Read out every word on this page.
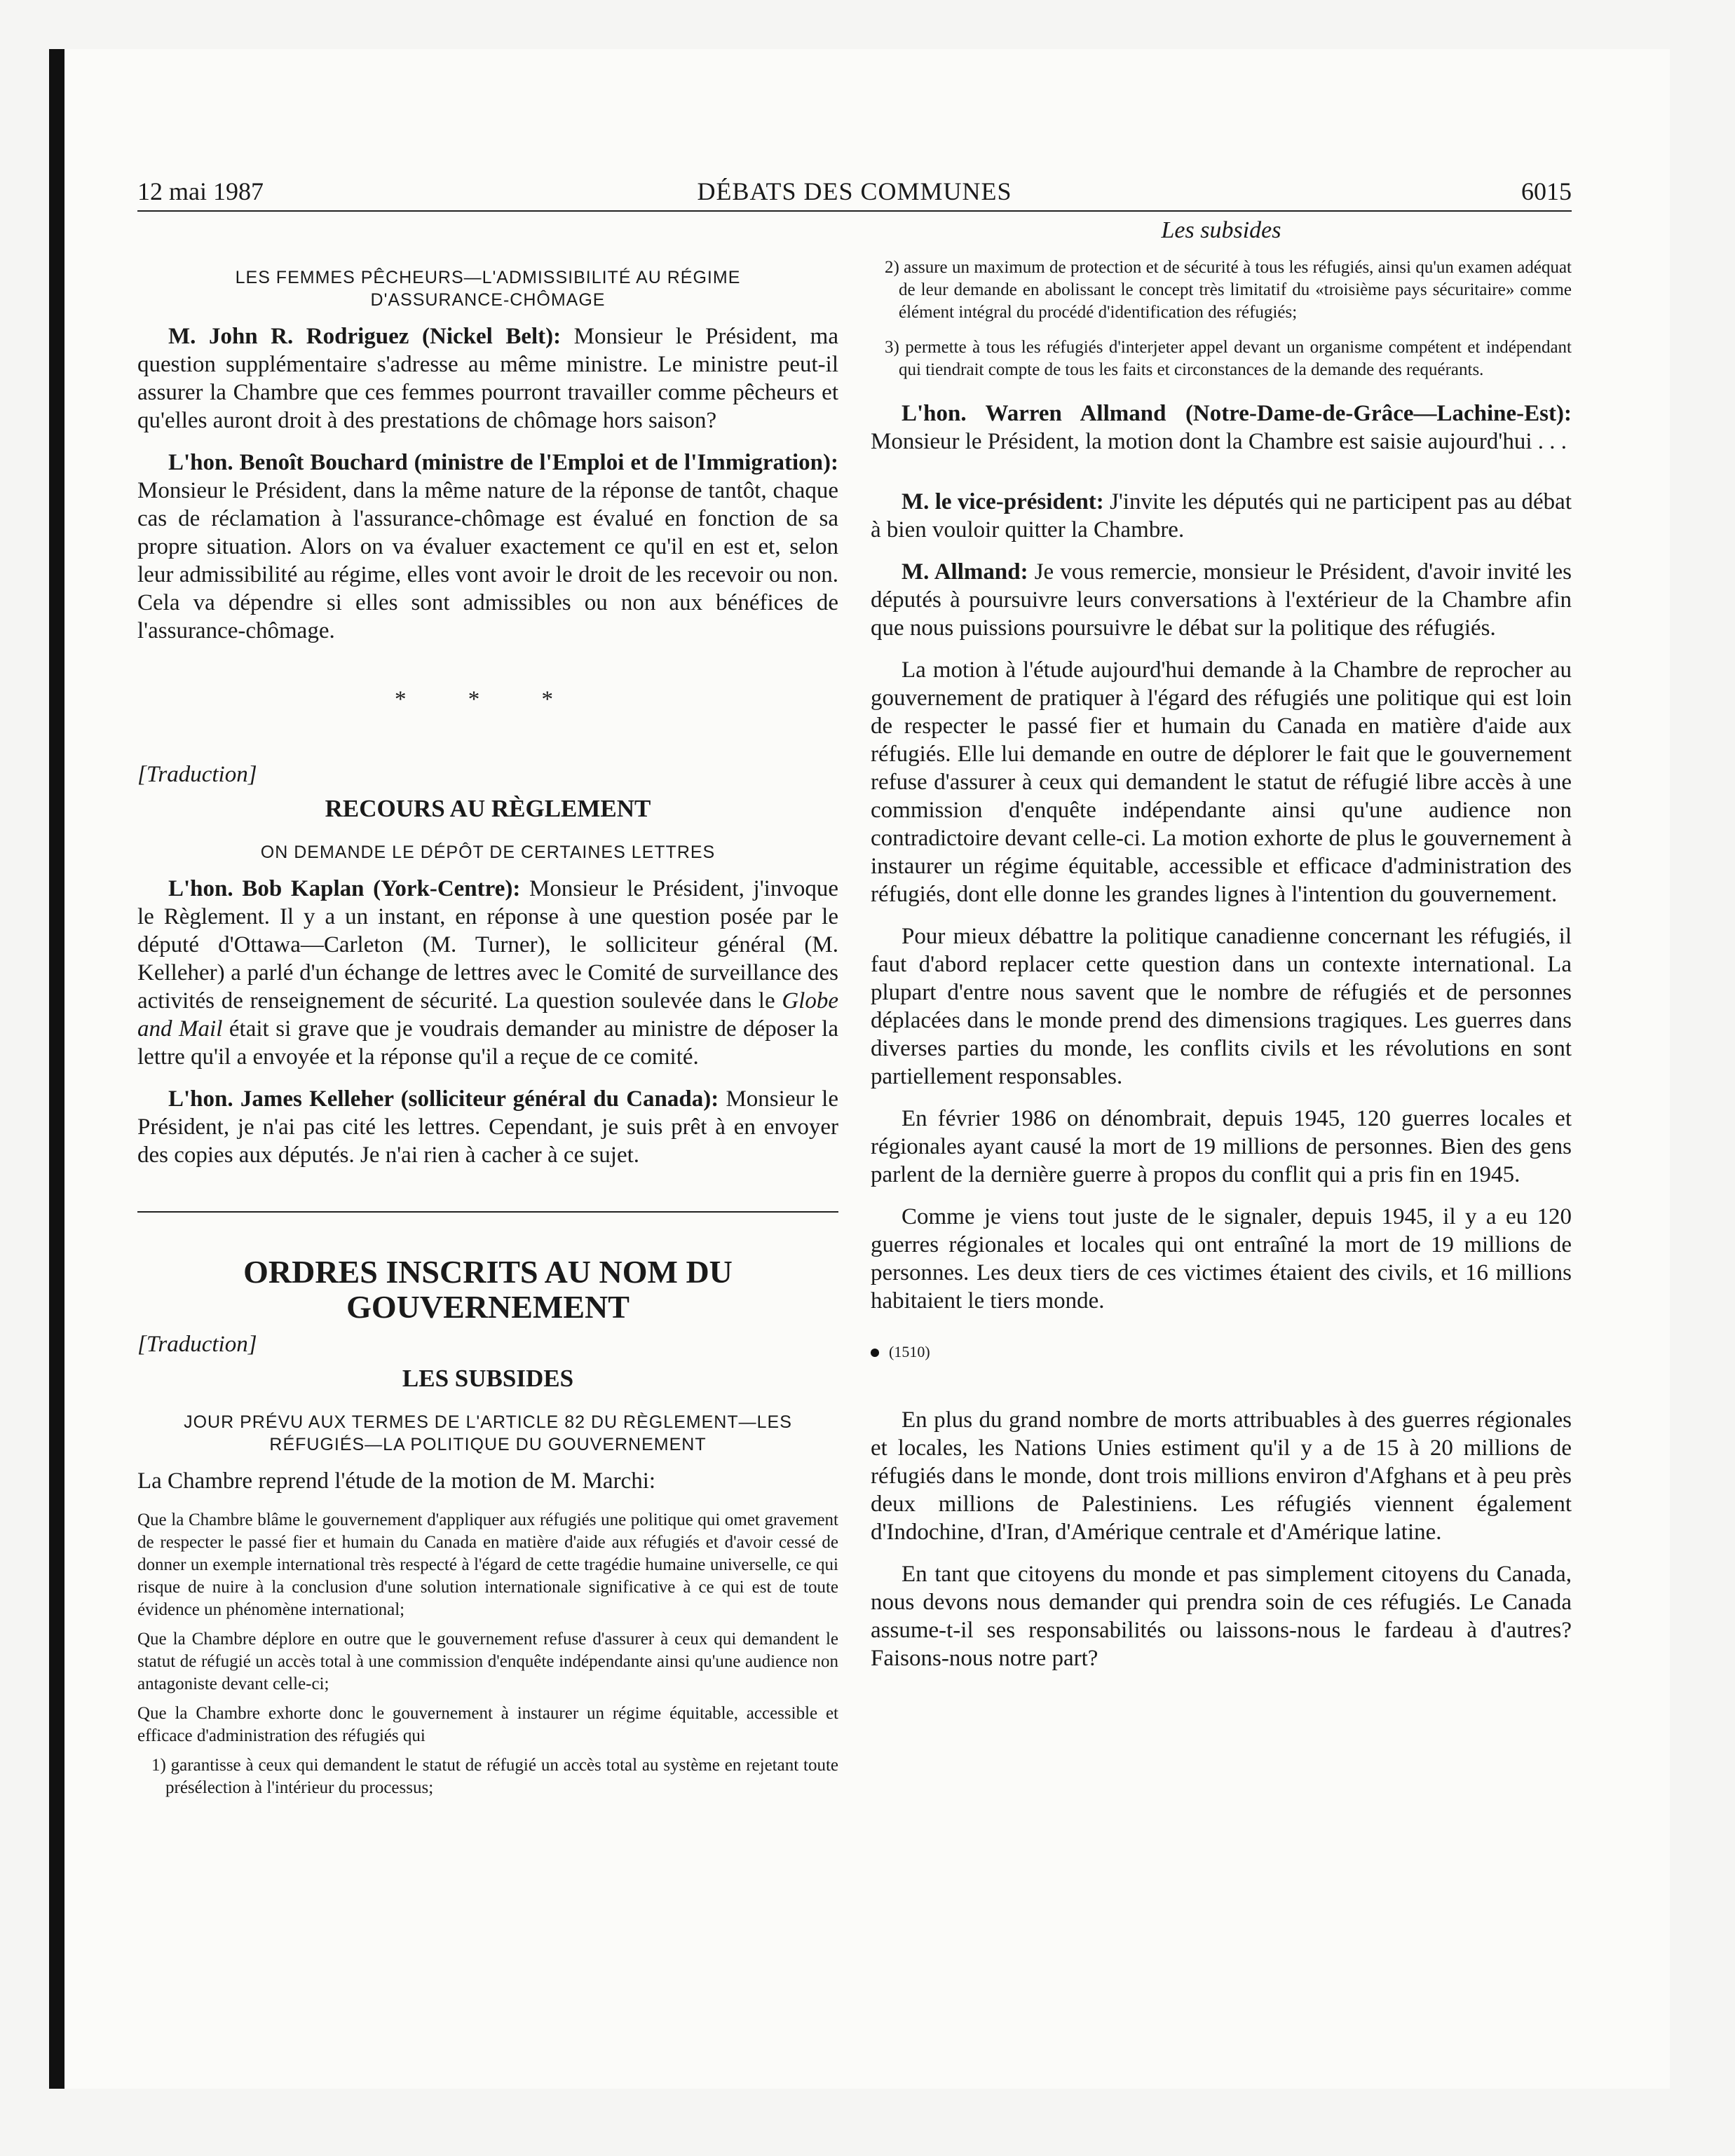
12 mai 1987	DÉBATS DES COMMUNES	6015
LES FEMMES PÊCHEURS—L'ADMISSIBILITÉ AU RÉGIME D'ASSURANCE-CHÔMAGE

M. John R. Rodriguez (Nickel Belt): Monsieur le Président, ma question supplémentaire s'adresse au même ministre. Le ministre peut-il assurer la Chambre que ces femmes pourront travailler comme pêcheurs et qu'elles auront droit à des prestations de chômage hors saison?

L'hon. Benoît Bouchard (ministre de l'Emploi et de l'Immigration): Monsieur le Président, dans la même nature de la réponse de tantôt, chaque cas de réclamation à l'assurance-chômage est évalué en fonction de sa propre situation. Alors on va évaluer exactement ce qu'il en est et, selon leur admissibilité au régime, elles vont avoir le droit de les recevoir ou non. Cela va dépendre si elles sont admissibles ou non aux bénéfices de l'assurance-chômage.

* * *
[Traduction]
RECOURS AU RÈGLEMENT
ON DEMANDE LE DÉPÔT DE CERTAINES LETTRES

L'hon. Bob Kaplan (York-Centre): Monsieur le Président, j'invoque le Règlement. Il y a un instant, en réponse à une question posée par le député d'Ottawa—Carleton (M. Turner), le solliciteur général (M. Kelleher) a parlé d'un échange de lettres avec le Comité de surveillance des activités de renseignement de sécurité. La question soulevée dans le Globe and Mail était si grave que je voudrais demander au ministre de déposer la lettre qu'il a envoyée et la réponse qu'il a reçue de ce comité.

L'hon. James Kelleher (solliciteur général du Canada): Monsieur le Président, je n'ai pas cité les lettres. Cependant, je suis prêt à en envoyer des copies aux députés. Je n'ai rien à cacher à ce sujet.

ORDRES INSCRITS AU NOM DU GOUVERNEMENT
[Traduction]
LES SUBSIDES
JOUR PRÉVU AUX TERMES DE L'ARTICLE 82 DU RÈGLEMENT—LES RÉFUGIÉS—LA POLITIQUE DU GOUVERNEMENT

La Chambre reprend l'étude de la motion de M. Marchi:

Que la Chambre blâme le gouvernement d'appliquer aux réfugiés une politique qui omet gravement de respecter le passé fier et humain du Canada en matière d'aide aux réfugiés et d'avoir cessé de donner un exemple international très respecté à l'égard de cette tragédie humaine universelle, ce qui risque de nuire à la conclusion d'une solution internationale significative à ce qui est de toute évidence un phénomène international;

Que la Chambre déplore en outre que le gouvernement refuse d'assurer à ceux qui demandent le statut de réfugié un accès total à une commission d'enquête indépendante ainsi qu'une audience non antagoniste devant celle-ci;

Que la Chambre exhorte donc le gouvernement à instaurer un régime équitable, accessible et efficace d'administration des réfugiés qui

1) garantisse à ceux qui demandent le statut de réfugié un accès total au système en rejetant toute présélection à l'intérieur du processus;

Les subsides

2) assure un maximum de protection et de sécurité à tous les réfugiés, ainsi qu'un examen adéquat de leur demande en abolissant le concept très limitatif du «troisième pays sécuritaire» comme élément intégral du procédé d'identification des réfugiés;

3) permette à tous les réfugiés d'interjeter appel devant un organisme compétent et indépendant qui tiendrait compte de tous les faits et circonstances de la demande des requérants.

L'hon. Warren Allmand (Notre-Dame-de-Grâce—Lachine-Est): Monsieur le Président, la motion dont la Chambre est saisie aujourd'hui . . .

M. le vice-président: J'invite les députés qui ne participent pas au débat à bien vouloir quitter la Chambre.

M. Allmand: Je vous remercie, monsieur le Président, d'avoir invité les députés à poursuivre leurs conversations à l'extérieur de la Chambre afin que nous puissions poursuivre le débat sur la politique des réfugiés.

La motion à l'étude aujourd'hui demande à la Chambre de reprocher au gouvernement de pratiquer à l'égard des réfugiés une politique qui est loin de respecter le passé fier et humain du Canada en matière d'aide aux réfugiés. Elle lui demande en outre de déplorer le fait que le gouvernement refuse d'assurer à ceux qui demandent le statut de réfugié libre accès à une commission d'enquête indépendante ainsi qu'une audience non contradictoire devant celle-ci. La motion exhorte de plus le gouvernement à instaurer un régime équitable, accessible et efficace d'administration des réfugiés, dont elle donne les grandes lignes à l'intention du gouvernement.

Pour mieux débattre la politique canadienne concernant les réfugiés, il faut d'abord replacer cette question dans un contexte international. La plupart d'entre nous savent que le nombre de réfugiés et de personnes déplacées dans le monde prend des dimensions tragiques. Les guerres dans diverses parties du monde, les conflits civils et les révolutions en sont partiellement responsables.

En février 1986 on dénombrait, depuis 1945, 120 guerres locales et régionales ayant causé la mort de 19 millions de personnes. Bien des gens parlent de la dernière guerre à propos du conflit qui a pris fin en 1945.

Comme je viens tout juste de le signaler, depuis 1945, il y a eu 120 guerres régionales et locales qui ont entraîné la mort de 19 millions de personnes. Les deux tiers de ces victimes étaient des civils, et 16 millions habitaient le tiers monde.

(1510)

En plus du grand nombre de morts attribuables à des guerres régionales et locales, les Nations Unies estiment qu'il y a de 15 à 20 millions de réfugiés dans le monde, dont trois millions environ d'Afghans et à peu près deux millions de Palestiniens. Les réfugiés viennent également d'Indochine, d'Iran, d'Amérique centrale et d'Amérique latine.

En tant que citoyens du monde et pas simplement citoyens du Canada, nous devons nous demander qui prendra soin de ces réfugiés. Le Canada assume-t-il ses responsabilités ou laissons-nous le fardeau à d'autres? Faisons-nous notre part?
